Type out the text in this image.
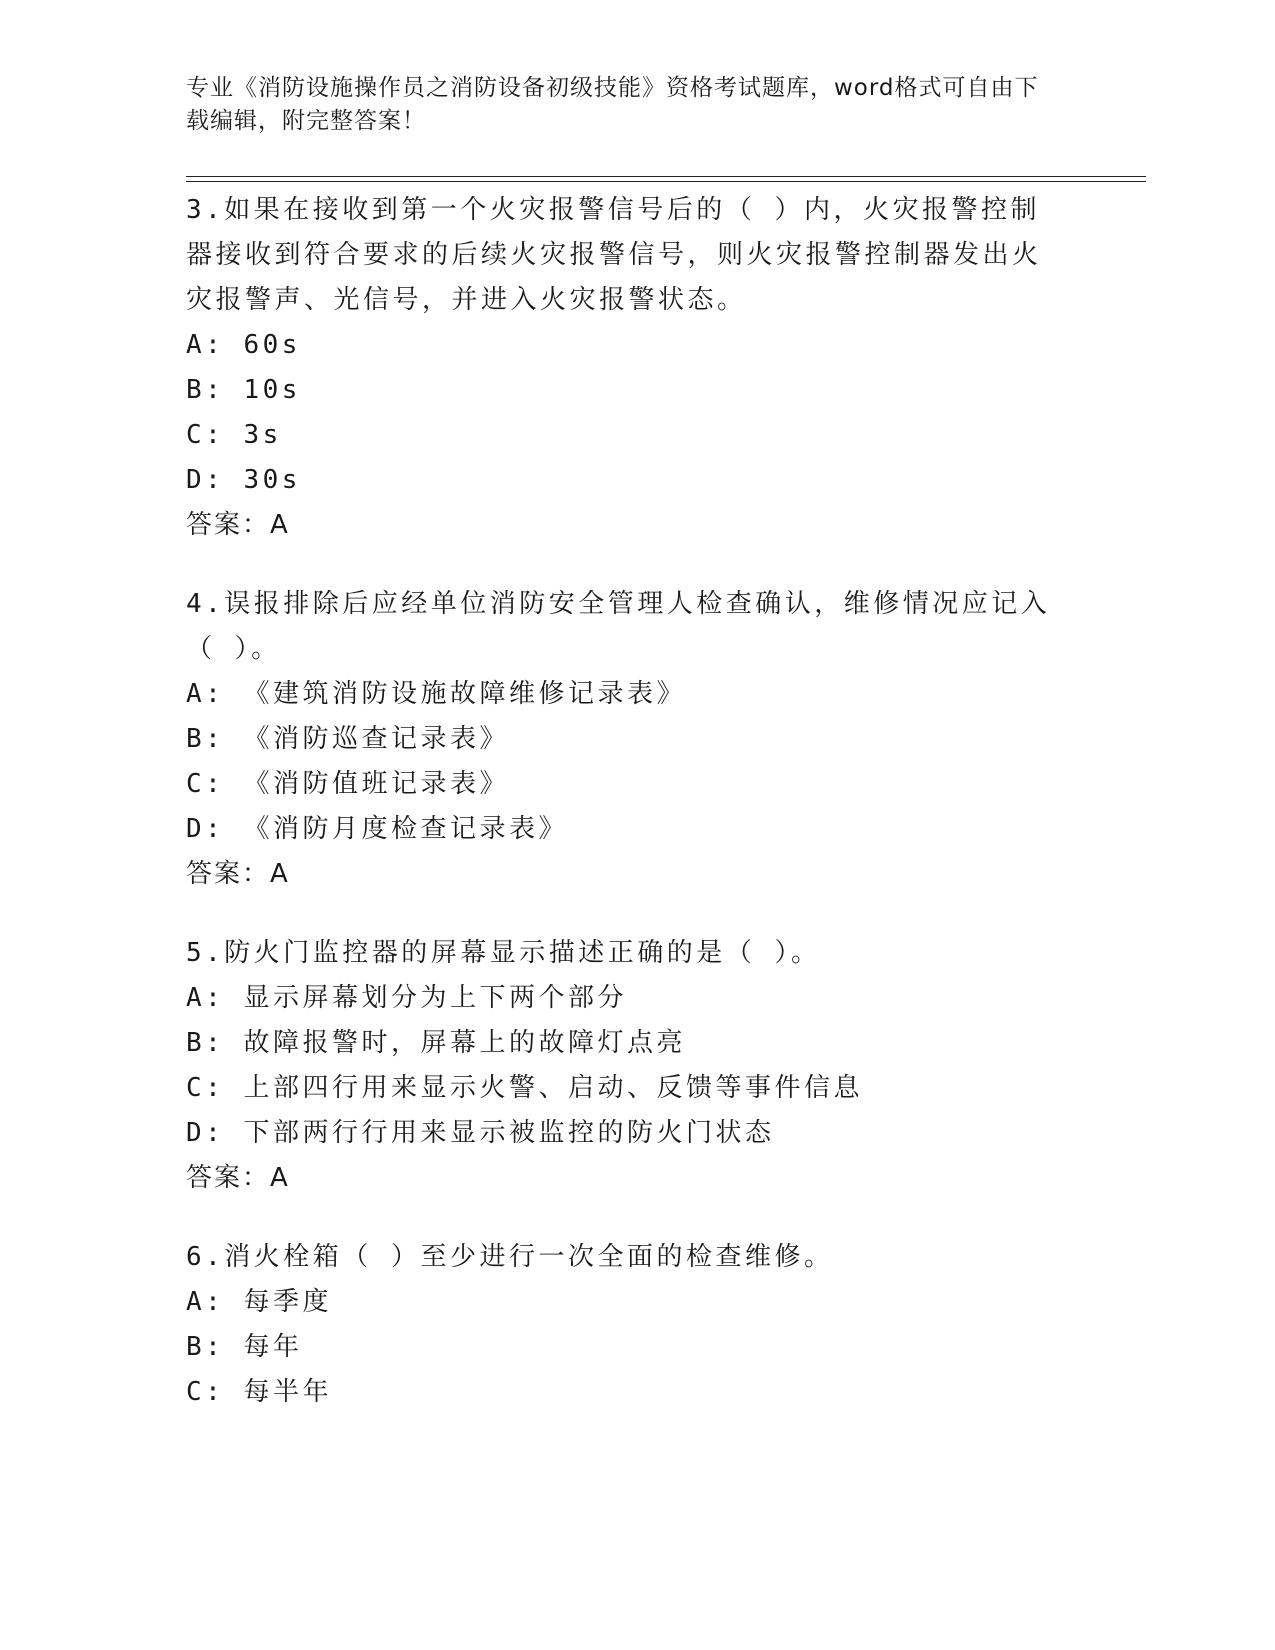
专业《消防设施操作员之消防设备初级技能》资格考试题库，word格式可自由下
载编辑，附完整答案！

3.如果在接收到第一个火灾报警信号后的（ ）内，火灾报警控制器接收到符合要求的后续火灾报警信号，则火灾报警控制器发出火灾报警声、光信号，并进入火灾报警状态。

A: 60s
B: 10s
C: 3s
D: 30s
答案：A

4.误报排除后应经单位消防安全管理人检查确认，维修情况应记入（ ）。

A: 《建筑消防设施故障维修记录表》
B: 《消防巡查记录表》
C: 《消防值班记录表》
D: 《消防月度检查记录表》
答案：A

5.防火门监控器的屏幕显示描述正确的是（ ）。

A: 显示屏幕划分为上下两个部分
B: 故障报警时，屏幕上的故障灯点亮
C: 上部四行用来显示火警、启动、反馈等事件信息
D: 下部两行行用来显示被监控的防火门状态
答案：A

6.消火栓箱（ ）至少进行一次全面的检查维修。

A: 每季度
B: 每年
C: 每半年
